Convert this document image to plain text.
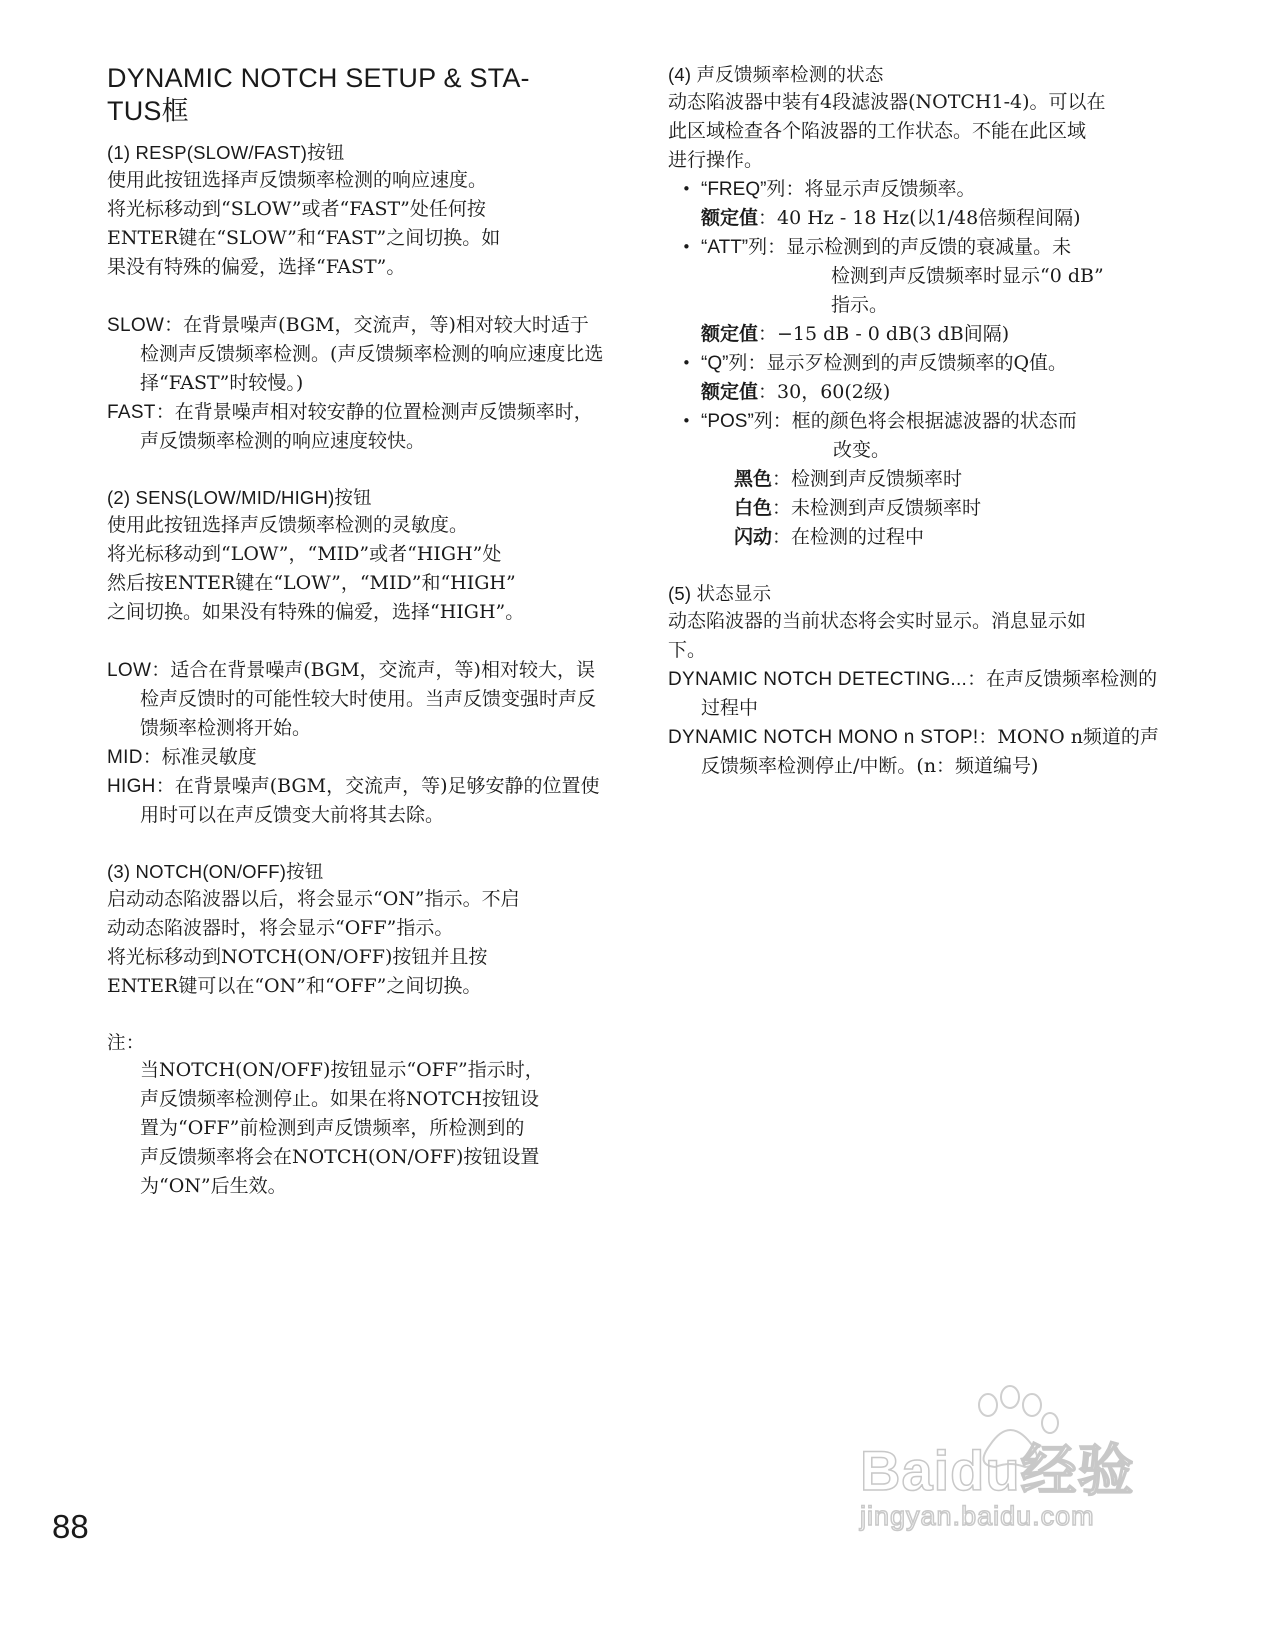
DYNAMIC NOTCH SETUP & STA-
TUS框
(1) RESP(SLOW/FAST)按钮

使用此按钮选择声反馈频率检测的响应速度。

将光标移动到“SLOW”或者“FAST”处任何按

ENTER键在“SLOW”和“FAST”之间切换。如

果没有特殊的偏爱，选择“FAST”。

SLOW：在背景噪声(BGM，交流声，等)相对较大时适于检测声反馈频率检测。(声反馈频率检测的响应速度比选择“FAST”时较慢。)

FAST：在背景噪声相对较安静的位置检测声反馈频率时，声反馈频率检测的响应速度较快。

(2) SENS(LOW/MID/HIGH)按钮

使用此按钮选择声反馈频率检测的灵敏度。

将光标移动到“LOW”，“MID”或者“HIGH”处

然后按ENTER键在“LOW”，“MID”和“HIGH”

之间切换。如果没有特殊的偏爱，选择“HIGH”。

LOW：适合在背景噪声(BGM，交流声，等)相对较大，误检声反馈时的可能性较大时使用。当声反馈变强时声反馈频率检测将开始。

MID：标准灵敏度

HIGH：在背景噪声(BGM，交流声，等)足够安静的位置使用时可以在声反馈变大前将其去除。

(3) NOTCH(ON/OFF)按钮

启动动态陷波器以后，将会显示“ON”指示。不启

动动态陷波器时，将会显示“OFF”指示。

将光标移动到NOTCH(ON/OFF)按钮并且按

ENTER键可以在“ON”和“OFF”之间切换。

注：

当NOTCH(ON/OFF)按钮显示“OFF”指示时，

声反馈频率检测停止。如果在将NOTCH按钮设

置为“OFF”前检测到声反馈频率，所检测到的

声反馈频率将会在NOTCH(ON/OFF)按钮设置

为“ON”后生效。

(4) 声反馈频率检测的状态

动态陷波器中装有4段滤波器(NOTCH1-4)。可以在

此区域检查各个陷波器的工作状态。不能在此区域

进行操作。

• “FREQ”列：将显示声反馈频率。

额定值：40 Hz - 18 Hz(以1/48倍频程间隔)

• “ATT”列：显示检测到的声反馈的衰减量。未
检测到声反馈频率时显示“0 dB”
指示。

额定值：−15 dB - 0 dB(3 dB间隔)

• “Q”列：显示歹检测到的声反馈频率的Q值。

额定值：30，60(2级)

• “POS”列：框的颜色将会根据滤波器的状态而
改变。

黑色：检测到声反馈频率时

白色：未检测到声反馈频率时

闪动：在检测的过程中

(5) 状态显示

动态陷波器的当前状态将会实时显示。消息显示如

下。

DYNAMIC NOTCH DETECTING...：在声反馈频率检测的过程中

DYNAMIC NOTCH MONO n STOP!：MONO n频道的声反馈频率检测停止/中断。(n：频道编号)

88
Baidu经验
jingyan.baidu.com
